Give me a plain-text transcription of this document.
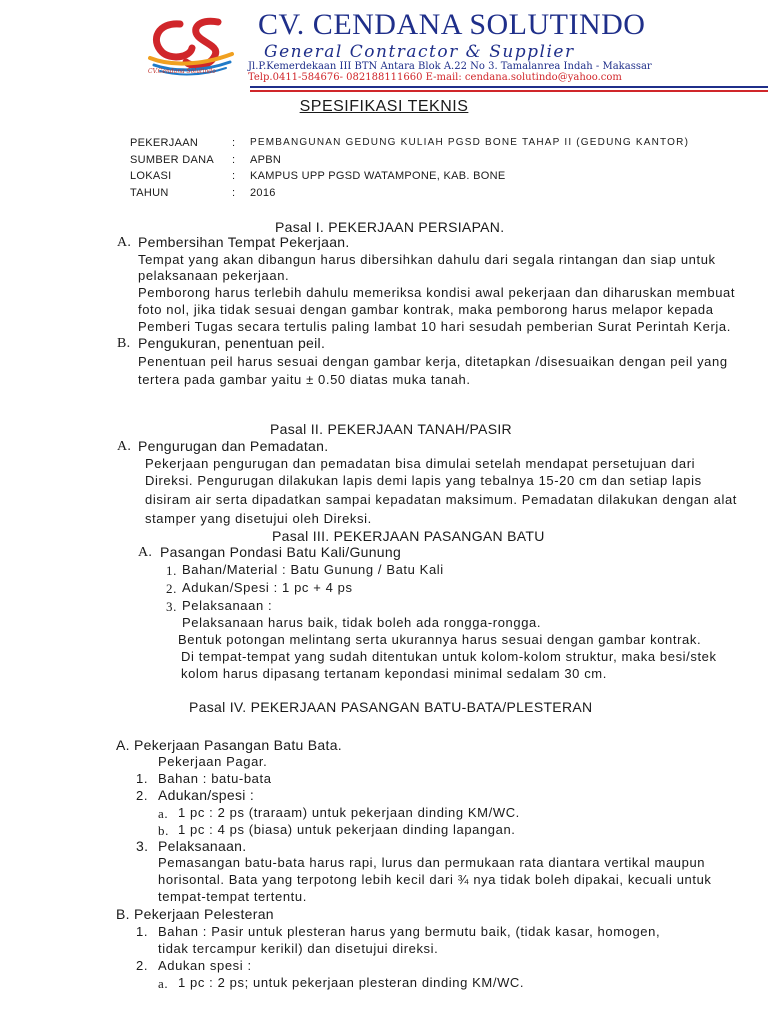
CV.Cendana Solutindo
CV. CENDANA SOLUTINDO
General Contractor & Supplier
Jl.P.Kemerdekaan III BTN Antara Blok A.22 No 3. Tamalanrea Indah - Makassar
Telp.0411-584676- 082188111660 E-mail: cendana.solutindo@yahoo.com
SPESIFIKASI TEKNIS
PEKERJAAN	: PEMBANGUNAN GEDUNG KULIAH PGSD BONE TAHAP II (GEDUNG KANTOR)
SUMBER DANA : APBN
LOKASI	: KAMPUS UPP PGSD WATAMPONE, KAB. BONE
TAHUN	: 2016
Pasal I. PEKERJAAN PERSIAPAN.
A. Pembersihan Tempat Pekerjaan.
Tempat yang akan dibangun harus dibersihkan dahulu dari segala rintangan dan siap untuk
pelaksanaan pekerjaan.
Pemborong harus terlebih dahulu memeriksa kondisi awal pekerjaan dan diharuskan membuat
foto nol, jika tidak sesuai dengan gambar kontrak, maka pemborong harus melapor kepada
Pemberi Tugas secara tertulis paling lambat 10 hari sesudah pemberian Surat Perintah Kerja.
B. Pengukuran, penentuan peil.
Penentuan peil harus sesuai dengan gambar kerja, ditetapkan /disesuaikan dengan peil yang
tertera pada gambar yaitu ± 0.50 diatas muka tanah.
Pasal II. PEKERJAAN TANAH/PASIR
A. Pengurugan dan Pemadatan.
Pekerjaan pengurugan dan pemadatan bisa dimulai setelah mendapat persetujuan dari
Direksi. Pengurugan dilakukan lapis demi lapis yang tebalnya 15-20 cm dan setiap lapis
disiram air serta dipadatkan sampai kepadatan maksimum. Pemadatan dilakukan dengan alat
stamper yang disetujui oleh Direksi.
Pasal III. PEKERJAAN PASANGAN BATU
A. Pasangan Pondasi Batu Kali/Gunung
1. Bahan/Material : Batu Gunung / Batu Kali
2. Adukan/Spesi : 1 pc + 4 ps
3. Pelaksanaan :
Pelaksanaan harus baik, tidak boleh ada rongga-rongga.
Bentuk potongan melintang serta ukurannya harus sesuai dengan gambar kontrak.
Di tempat-tempat yang sudah ditentukan untuk kolom-kolom struktur, maka besi/stek
kolom harus dipasang tertanam kepondasi minimal sedalam 30 cm.
Pasal IV. PEKERJAAN PASANGAN BATU-BATA/PLESTERAN
A. Pekerjaan Pasangan Batu Bata.
Pekerjaan Pagar.
1. Bahan : batu-bata
2. Adukan/spesi :
a. 1 pc : 2 ps (traraam) untuk pekerjaan dinding KM/WC.
b. 1 pc : 4 ps (biasa) untuk pekerjaan dinding lapangan.
3. Pelaksanaan.
Pemasangan batu-bata harus rapi, lurus dan permukaan rata diantara vertikal maupun
horisontal. Bata yang terpotong lebih kecil dari ¾ nya tidak boleh dipakai, kecuali untuk
tempat-tempat tertentu.
B. Pekerjaan Pelesteran
1. Bahan : Pasir untuk plesteran harus yang bermutu baik, (tidak kasar, homogen,
tidak tercampur kerikil) dan disetujui direksi.
2. Adukan spesi :
a. 1 pc : 2 ps; untuk pekerjaan plesteran dinding KM/WC.
